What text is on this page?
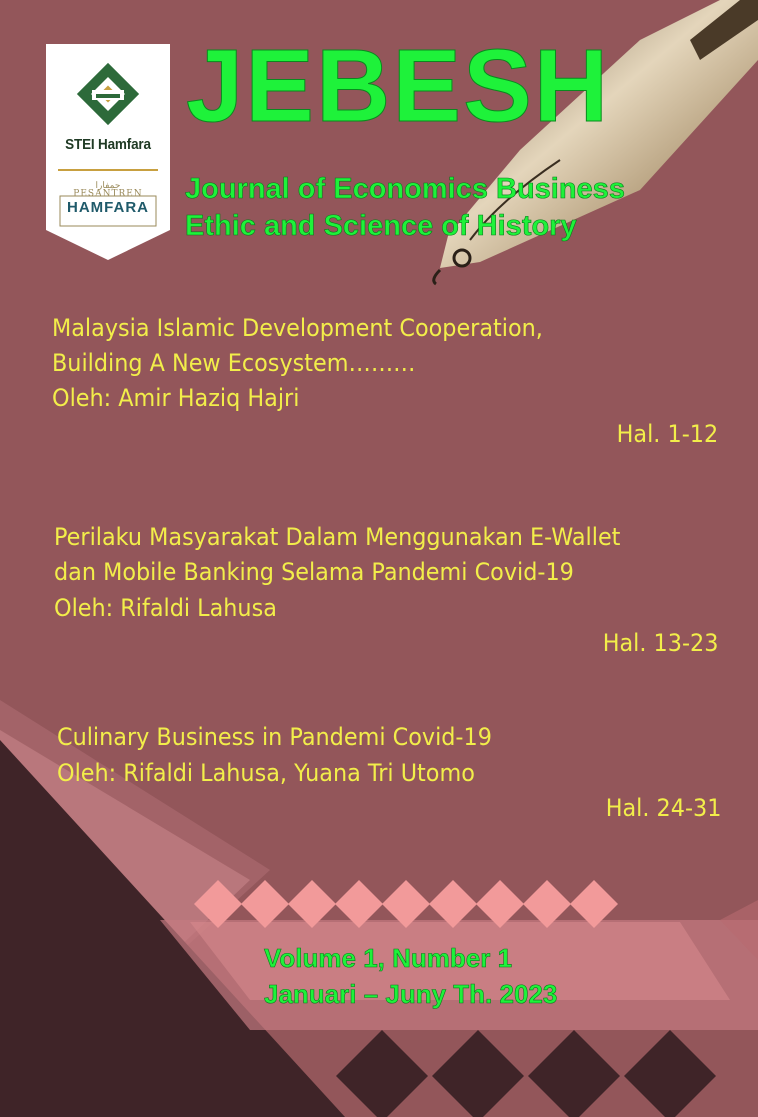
STEI Hamfara
حمفارا
PESANTREN
HAMFARA
JEBESH
Journal of Economics Business
Ethic and Science of History
Malaysia Islamic Development Cooperation,
Building A New Ecosystem………
Oleh: Amir Haziq Hajri
Hal. 1-12
Perilaku Masyarakat Dalam Menggunakan E-Wallet
dan Mobile Banking Selama Pandemi Covid-19
Oleh: Rifaldi Lahusa
Hal. 13-23
Culinary Business in Pandemi Covid-19
Oleh: Rifaldi Lahusa, Yuana Tri Utomo
Hal. 24-31
Volume 1, Number 1
Januari – Juny Th. 2023
